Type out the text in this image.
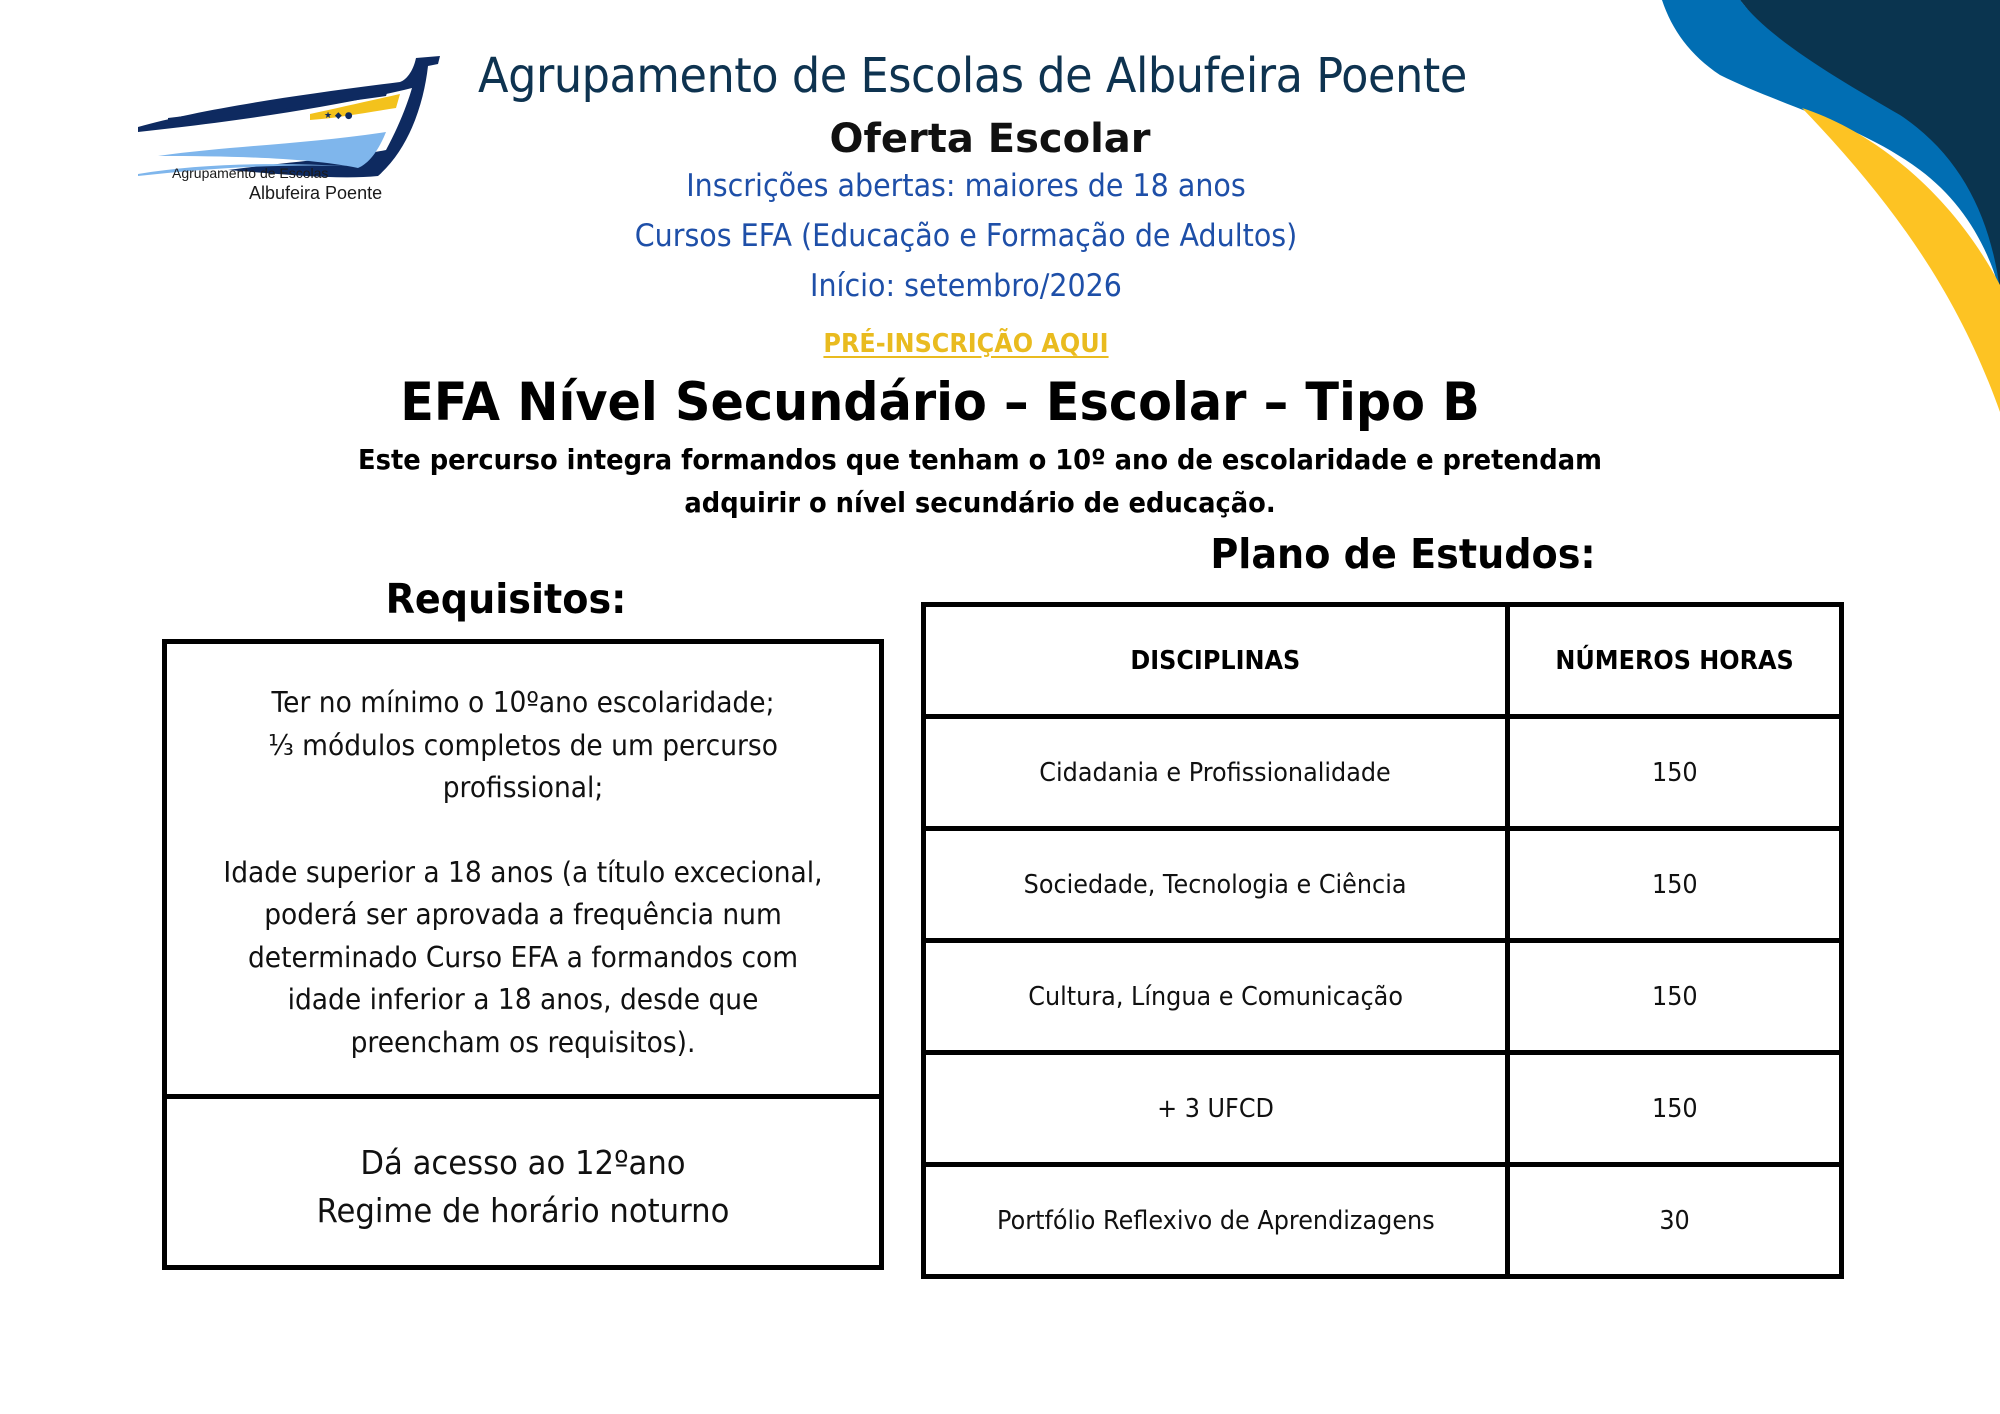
★ ◆ ●
Agrupamento de Escolas
Albufeira Poente
Agrupamento de Escolas de Albufeira Poente
Oferta Escolar
Inscrições abertas: maiores de 18 anos
Cursos EFA (Educação e Formação de Adultos)
Início: setembro/2026
PRÉ-INSCRIÇÃO AQUI
EFA Nível Secundário – Escolar – Tipo B
Este percurso integra formandos que tenham o 10º ano de escolaridade e pretendam
adquirir o nível secundário de educação.
Plano de Estudos:
Requisitos:
Ter no mínimo o 10ºano escolaridade;
⅓ módulos completos de um percurso
profissional;
Idade superior a 18 anos (a título excecional,
poderá ser aprovada a frequência num
determinado Curso EFA a formandos com
idade inferior a 18 anos, desde que
preencham os requisitos).
Dá acesso ao 12ºano
Regime de horário noturno
DISCIPLINAS	NÚMEROS HORAS
Cidadania e Profissionalidade	150
Sociedade, Tecnologia e Ciência	150
Cultura, Língua e Comunicação	150
+ 3 UFCD	150
Portfólio Reflexivo de Aprendizagens	30
